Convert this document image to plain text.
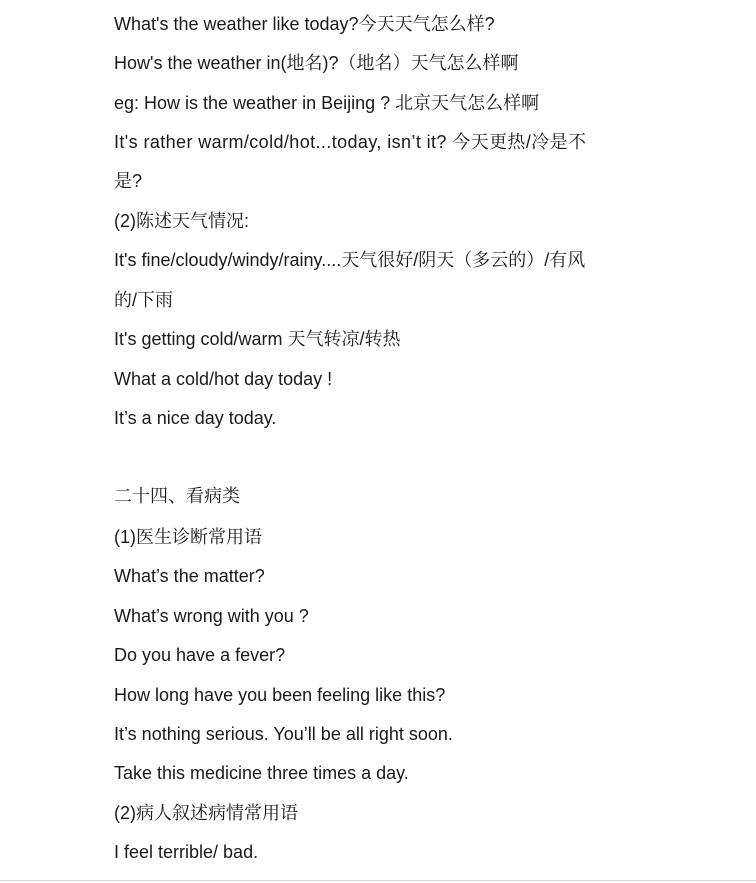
What's the weather like today?今天天气怎么样?
How's the weather in(地名)?（地名）天气怎么样啊
eg: How is the weather in Beijing ? 北京天气怎么样啊
It's rather warm/cold/hot...today, isn’t it? 今天更热/冷是不
是?
(2)陈述天气情况:
It's fine/cloudy/windy/rainy....天气很好/阴天（多云的）/有风
的/下雨
It's getting cold/warm 天气转凉/转热
What a cold/hot day today !
It’s a nice day today.
二十四、看病类
(1)医生诊断常用语
What’s the matter?
What’s wrong with you ?
Do you have a fever?
How long have you been feeling like this?
It’s nothing serious. You’ll be all right soon.
Take this medicine three times a day.
(2)病人叙述病情常用语
I feel terrible/ bad.
